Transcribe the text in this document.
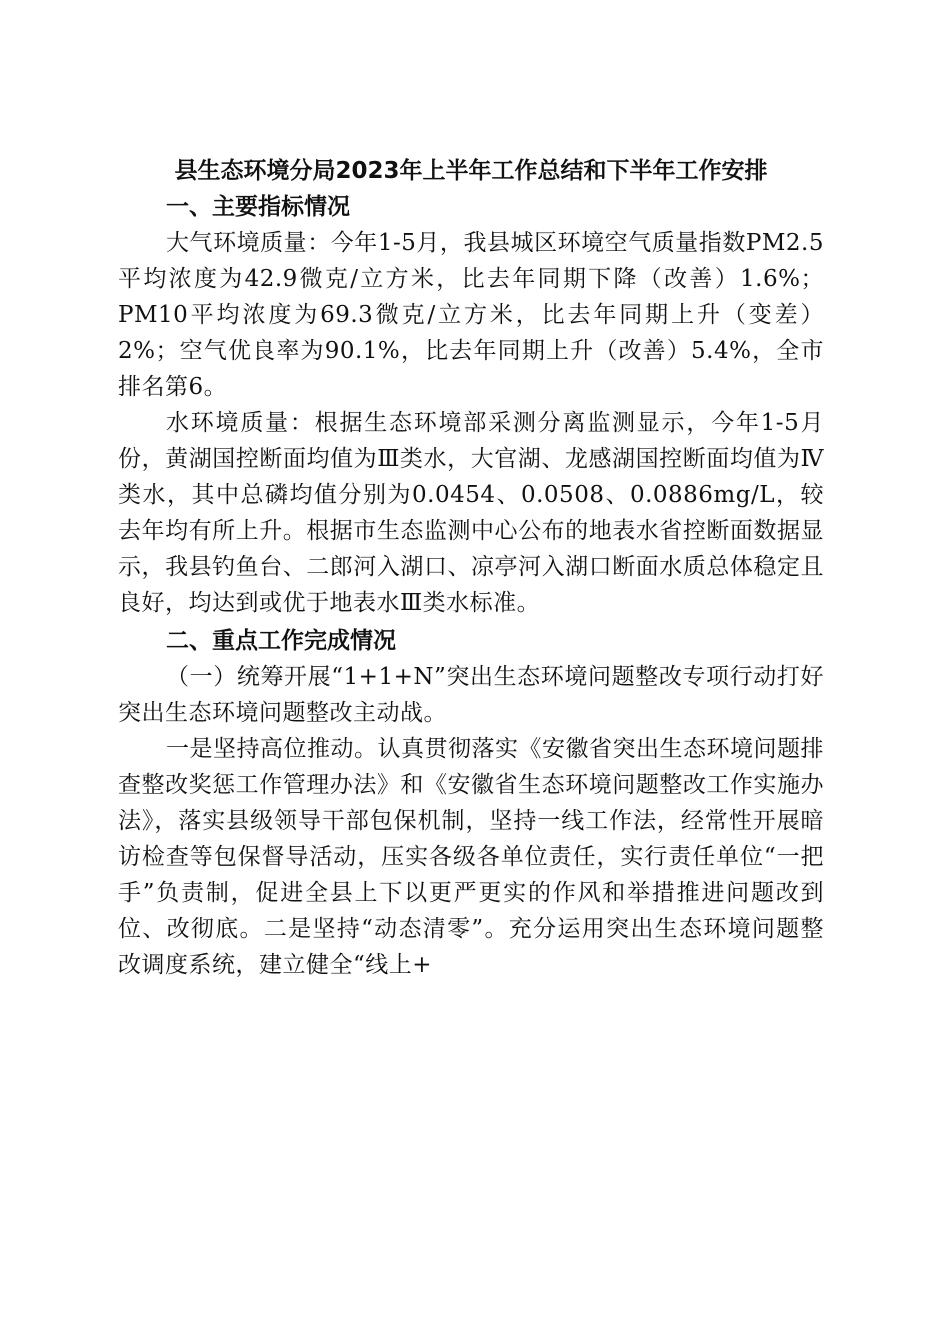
县生态环境分局2023年上半年工作总结和下半年工作安排
一、主要指标情况

大气环境质量：今年1-5月，我县城区环境空气质量指数PM2.5平均浓度为42.9微克/立方米，比去年同期下降（改善）1.6%；PM10平均浓度为69.3微克/立方米，比去年同期上升（变差）2%；空气优良率为90.1%，比去年同期上升（改善）5.4%，全市排名第6。

水环境质量：根据生态环境部采测分离监测显示，今年1-5月份，黄湖国控断面均值为Ⅲ类水，大官湖、龙感湖国控断面均值为Ⅳ类水，其中总磷均值分别为0.0454、0.0508、0.0886mg/L，较去年均有所上升。根据市生态监测中心公布的地表水省控断面数据显示，我县钓鱼台、二郎河入湖口、凉亭河入湖口断面水质总体稳定且良好，均达到或优于地表水Ⅲ类水标准。

二、重点工作完成情况

（一）统筹开展“1+1+N”突出生态环境问题整改专项行动打好突出生态环境问题整改主动战。

一是坚持高位推动。认真贯彻落实《安徽省突出生态环境问题排查整改奖惩工作管理办法》和《安徽省生态环境问题整改工作实施办法》，落实县级领导干部包保机制，坚持一线工作法，经常性开展暗访检查等包保督导活动，压实各级各单位责任，实行责任单位“一把手”负责制，促进全县上下以更严更实的作风和举措推进问题改到位、改彻底。二是坚持“动态清零”。充分运用突出生态环境问题整改调度系统，建立健全“线上+
